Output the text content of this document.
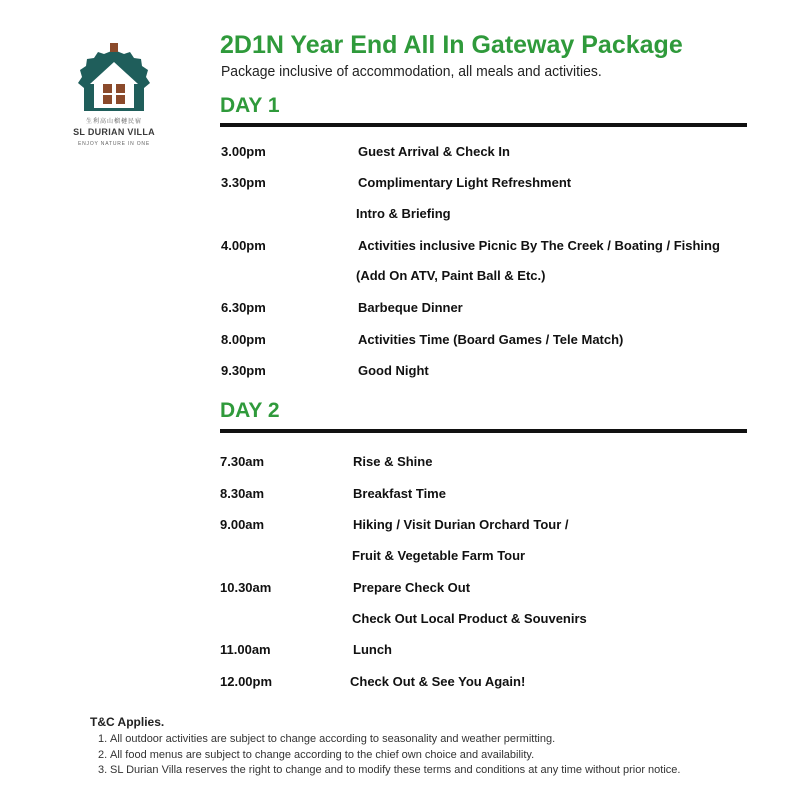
生利高山榴槤民宿
SL DURIAN VILLA
ENJOY NATURE IN ONE
2D1N Year End All In Gateway Package
Package inclusive of accommodation, all meals and activities.
DAY 1
3.00pm	Guest Arrival & Check In
3.30pm	Complimentary Light Refreshment
Intro & Briefing
4.00pm	Activities inclusive Picnic By The Creek / Boating / Fishing
(Add On ATV, Paint Ball & Etc.)
6.30pm	Barbeque Dinner
8.00pm	Activities Time (Board Games / Tele Match)
9.30pm	Good Night
DAY 2
7.30am	Rise & Shine
8.30am	Breakfast Time
9.00am	Hiking / Visit Durian Orchard Tour /
Fruit & Vegetable Farm Tour
10.30am	Prepare Check Out
Check Out Local Product & Souvenirs
11.00am	Lunch
12.00pm	Check Out & See You Again!
T&C Applies.
1. All outdoor activities are subject to change according to seasonality and weather permitting.
2. All food menus are subject to change according to the chief own choice and availability.
3. SL Durian Villa reserves the right to change and to modify these terms and conditions at any time without prior notice.
